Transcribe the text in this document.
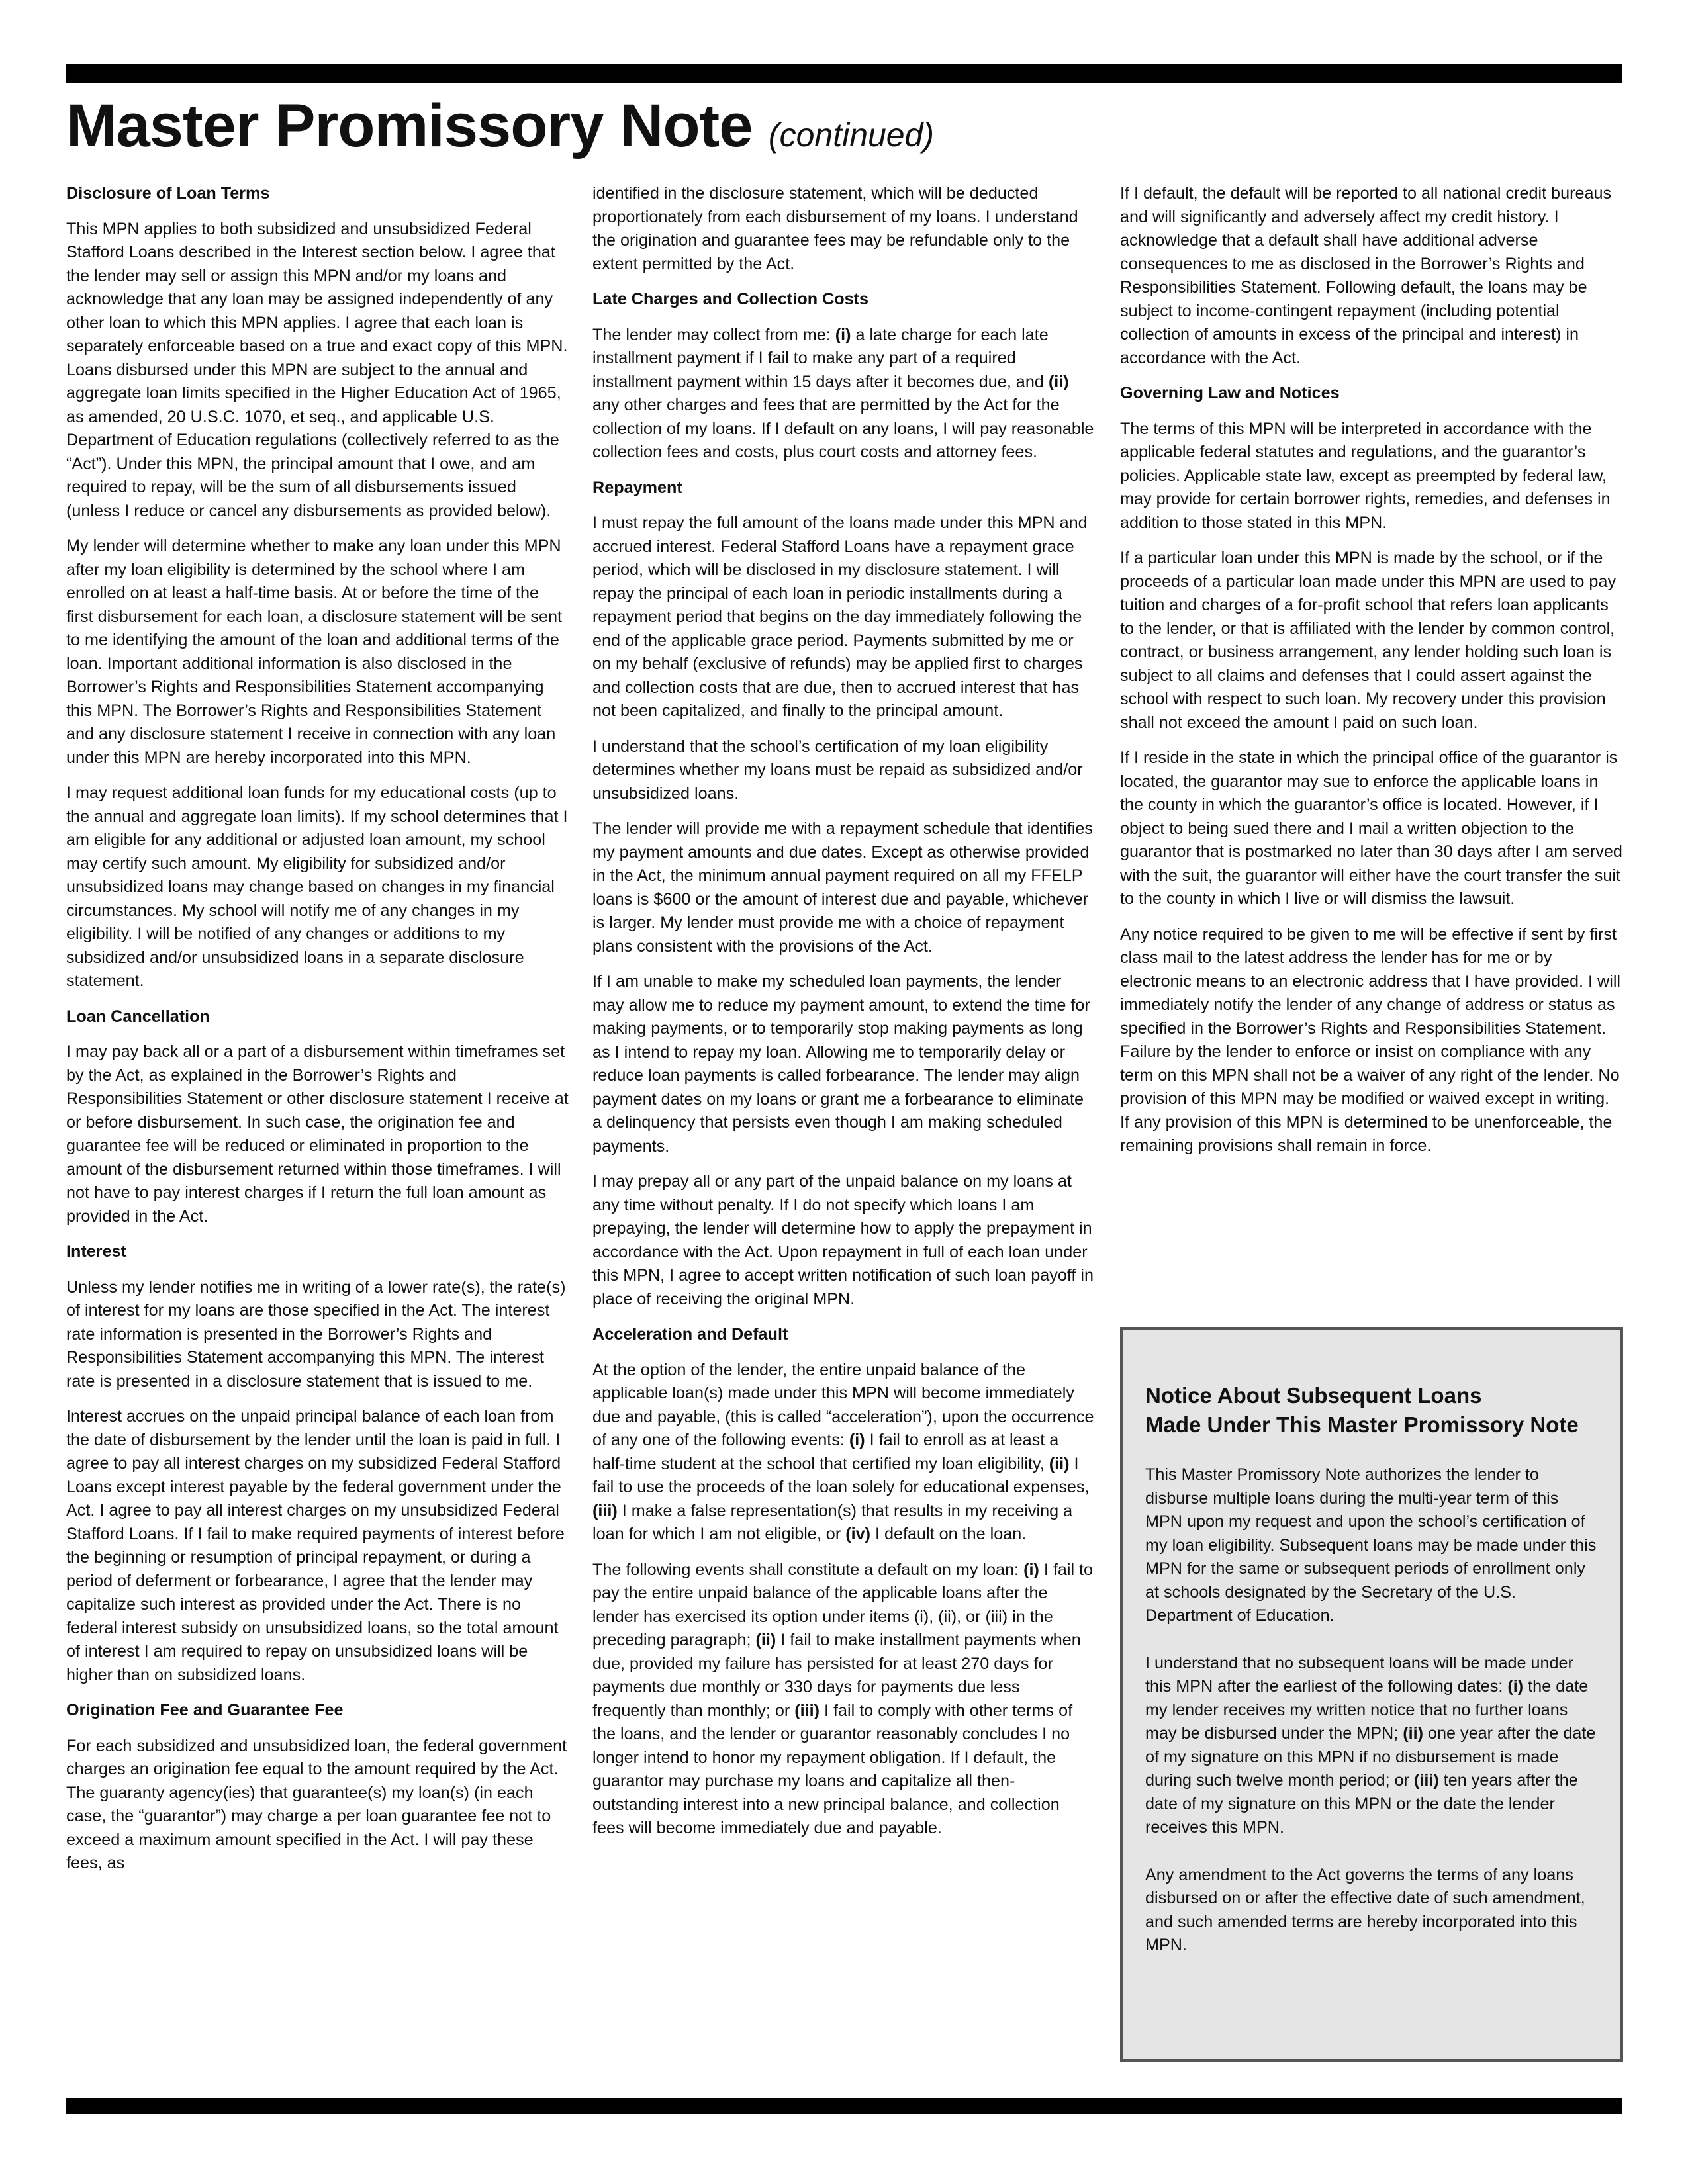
Master Promissory Note (continued)
Disclosure of Loan Terms

This MPN applies to both subsidized and unsubsidized Federal Stafford Loans described in the Interest section below. I agree that the lender may sell or assign this MPN and/or my loans and acknowledge that any loan may be assigned independently of any other loan to which this MPN applies. I agree that each loan is separately enforceable based on a true and exact copy of this MPN. Loans disbursed under this MPN are subject to the annual and aggregate loan limits specified in the Higher Education Act of 1965, as amended, 20 U.S.C. 1070, et seq., and applicable U.S. Department of Education regulations (collectively referred to as the “Act”). Under this MPN, the principal amount that I owe, and am required to repay, will be the sum of all disbursements issued (unless I reduce or cancel any disbursements as provided below).

My lender will determine whether to make any loan under this MPN after my loan eligibility is determined by the school where I am enrolled on at least a half-time basis. At or before the time of the first disbursement for each loan, a disclosure statement will be sent to me identifying the amount of the loan and additional terms of the loan. Important additional information is also disclosed in the Borrower’s Rights and Responsibilities Statement accompanying this MPN. The Borrower’s Rights and Responsibilities Statement and any disclosure statement I receive in connection with any loan under this MPN are hereby incorporated into this MPN.

I may request additional loan funds for my educational costs (up to the annual and aggregate loan limits). If my school determines that I am eligible for any additional or adjusted loan amount, my school may certify such amount. My eligibility for subsidized and/or unsubsidized loans may change based on changes in my financial circumstances. My school will notify me of any changes in my eligibility. I will be notified of any changes or additions to my subsidized and/or unsubsidized loans in a separate disclosure statement.

Loan Cancellation

I may pay back all or a part of a disbursement within timeframes set by the Act, as explained in the Borrower’s Rights and Responsibilities Statement or other disclosure statement I receive at or before disbursement. In such case, the origination fee and guarantee fee will be reduced or eliminated in proportion to the amount of the disbursement returned within those timeframes. I will not have to pay interest charges if I return the full loan amount as provided in the Act.

Interest

Unless my lender notifies me in writing of a lower rate(s), the rate(s) of interest for my loans are those specified in the Act. The interest rate information is presented in the Borrower’s Rights and Responsibilities Statement accompanying this MPN. The interest rate is presented in a disclosure statement that is issued to me.

Interest accrues on the unpaid principal balance of each loan from the date of disbursement by the lender until the loan is paid in full. I agree to pay all interest charges on my subsidized Federal Stafford Loans except interest payable by the federal government under the Act. I agree to pay all interest charges on my unsubsidized Federal Stafford Loans. If I fail to make required payments of interest before the beginning or resumption of principal repayment, or during a period of deferment or forbearance, I agree that the lender may capitalize such interest as provided under the Act. There is no federal interest subsidy on unsubsidized loans, so the total amount of interest I am required to repay on unsubsidized loans will be higher than on subsidized loans.

Origination Fee and Guarantee Fee

For each subsidized and unsubsidized loan, the federal government charges an origination fee equal to the amount required by the Act. The guaranty agency(ies) that guarantee(s) my loan(s) (in each case, the “guarantor”) may charge a per loan guarantee fee not to exceed a maximum amount specified in the Act. I will pay these fees, as

identified in the disclosure statement, which will be deducted proportionately from each disbursement of my loans. I understand the origination and guarantee fees may be refundable only to the extent permitted by the Act.

Late Charges and Collection Costs

The lender may collect from me: (i) a late charge for each late installment payment if I fail to make any part of a required installment payment within 15 days after it becomes due, and (ii) any other charges and fees that are permitted by the Act for the collection of my loans. If I default on any loans, I will pay reasonable collection fees and costs, plus court costs and attorney fees.

Repayment

I must repay the full amount of the loans made under this MPN and accrued interest. Federal Stafford Loans have a repayment grace period, which will be disclosed in my disclosure statement. I will repay the principal of each loan in periodic installments during a repayment period that begins on the day immediately following the end of the applicable grace period. Payments submitted by me or on my behalf (exclusive of refunds) may be applied first to charges and collection costs that are due, then to accrued interest that has not been capitalized, and finally to the principal amount.

I understand that the school’s certification of my loan eligibility determines whether my loans must be repaid as subsidized and/or unsubsidized loans.

The lender will provide me with a repayment schedule that identifies my payment amounts and due dates. Except as otherwise provided in the Act, the minimum annual payment required on all my FFELP loans is $600 or the amount of interest due and payable, whichever is larger. My lender must provide me with a choice of repayment plans consistent with the provisions of the Act.

If I am unable to make my scheduled loan payments, the lender may allow me to reduce my payment amount, to extend the time for making payments, or to temporarily stop making payments as long as I intend to repay my loan. Allowing me to temporarily delay or reduce loan payments is called forbearance. The lender may align payment dates on my loans or grant me a forbearance to eliminate a delinquency that persists even though I am making scheduled payments.

I may prepay all or any part of the unpaid balance on my loans at any time without penalty. If I do not specify which loans I am prepaying, the lender will determine how to apply the prepayment in accordance with the Act. Upon repayment in full of each loan under this MPN, I agree to accept written notification of such loan payoff in place of receiving the original MPN.

Acceleration and Default

At the option of the lender, the entire unpaid balance of the applicable loan(s) made under this MPN will become immediately due and payable, (this is called “acceleration”), upon the occurrence of any one of the following events: (i) I fail to enroll as at least a half-time student at the school that certified my loan eligibility, (ii) I fail to use the proceeds of the loan solely for educational expenses, (iii) I make a false representation(s) that results in my receiving a loan for which I am not eligible, or (iv) I default on the loan.

The following events shall constitute a default on my loan: (i) I fail to pay the entire unpaid balance of the applicable loans after the lender has exercised its option under items (i), (ii), or (iii) in the preceding paragraph; (ii) I fail to make installment payments when due, provided my failure has persisted for at least 270 days for payments due monthly or 330 days for payments due less frequently than monthly; or (iii) I fail to comply with other terms of the loans, and the lender or guarantor reasonably concludes I no longer intend to honor my repayment obligation. If I default, the guarantor may purchase my loans and capitalize all then-outstanding interest into a new principal balance, and collection fees will become immediately due and payable.

If I default, the default will be reported to all national credit bureaus and will significantly and adversely affect my credit history. I acknowledge that a default shall have additional adverse consequences to me as disclosed in the Borrower’s Rights and Responsibilities Statement. Following default, the loans may be subject to income-contingent repayment (including potential collection of amounts in excess of the principal and interest) in accordance with the Act.

Governing Law and Notices

The terms of this MPN will be interpreted in accordance with the applicable federal statutes and regulations, and the guarantor’s policies. Applicable state law, except as preempted by federal law, may provide for certain borrower rights, remedies, and defenses in addition to those stated in this MPN.

If a particular loan under this MPN is made by the school, or if the proceeds of a particular loan made under this MPN are used to pay tuition and charges of a for-profit school that refers loan applicants to the lender, or that is affiliated with the lender by common control, contract, or business arrangement, any lender holding such loan is subject to all claims and defenses that I could assert against the school with respect to such loan. My recovery under this provision shall not exceed the amount I paid on such loan.

If I reside in the state in which the principal office of the guarantor is located, the guarantor may sue to enforce the applicable loans in the county in which the guarantor’s office is located. However, if I object to being sued there and I mail a written objection to the guarantor that is postmarked no later than 30 days after I am served with the suit, the guarantor will either have the court transfer the suit to the county in which I live or will dismiss the lawsuit.

Any notice required to be given to me will be effective if sent by first class mail to the latest address the lender has for me or by electronic means to an electronic address that I have provided. I will immediately notify the lender of any change of address or status as specified in the Borrower’s Rights and Responsibilities Statement. Failure by the lender to enforce or insist on compliance with any term on this MPN shall not be a waiver of any right of the lender. No provision of this MPN may be modified or waived except in writing. If any provision of this MPN is determined to be unenforceable, the remaining provisions shall remain in force.

Notice About Subsequent Loans
Made Under This Master Promissory Note

This Master Promissory Note authorizes the lender to disburse multiple loans during the multi-year term of this MPN upon my request and upon the school’s certification of my loan eligibility. Subsequent loans may be made under this MPN for the same or subsequent periods of enrollment only at schools designated by the Secretary of the U.S. Department of Education.

I understand that no subsequent loans will be made under this MPN after the earliest of the following dates: (i) the date my lender receives my written notice that no further loans may be disbursed under the MPN; (ii) one year after the date of my signature on this MPN if no disbursement is made during such twelve month period; or (iii) ten years after the date of my signature on this MPN or the date the lender receives this MPN.

Any amendment to the Act governs the terms of any loans disbursed on or after the effective date of such amendment, and such amended terms are hereby incorporated into this MPN.
